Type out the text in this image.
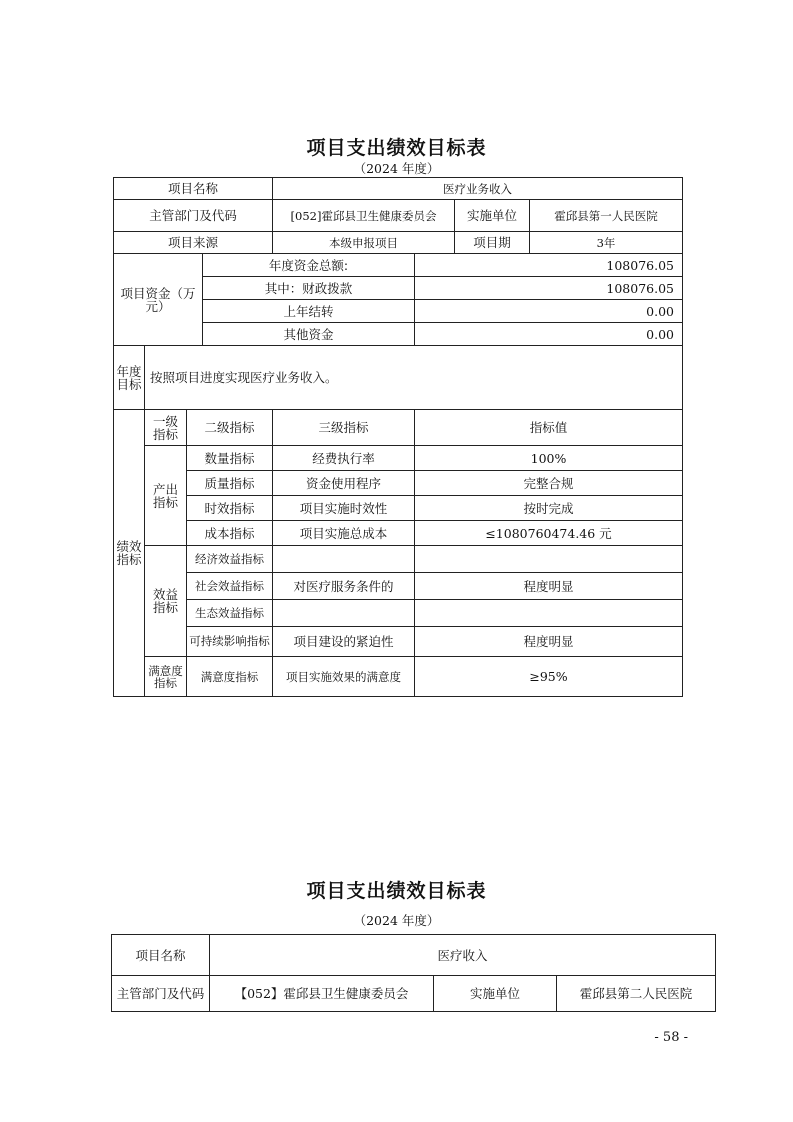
项目支出绩效目标表
（2024 年度）
项目名称				医疗业务收入			
主管部门及代码				[052]霍邱县卫生健康委员会		实施单位	霍邱县第一人民医院
项目来源				本级申报项目		项目期	3年
项目资金（万元）			年度资金总额:		108076.05		
			其中：财政拨款		108076.05		
			上年结转		0.00		
			其他资金		0.00		
年度目标	按照项目进度实现医疗业务收入。						
绩效指标	一级指标	二级指标		三级指标	指标值		
	产出指标	数量指标		经费执行率	100%		
		质量指标		资金使用程序	完整合规		
		时效指标		项目实施时效性	按时完成		
		成本指标		项目实施总成本	≤1080760474.46 元		
	效益指标	经济效益指标					
		社会效益指标		对医疗服务条件的	程度明显		
		生态效益指标					
		可持续影响指标		项目建设的紧迫性	程度明显		
	满意度指标	满意度指标		项目实施效果的满意度	≥95%		
项目支出绩效目标表
（2024 年度）
项目名称	医疗收入		
主管部门及代码	【052】霍邱县卫生健康委员会	实施单位	霍邱县第二人民医院
- 58 -
